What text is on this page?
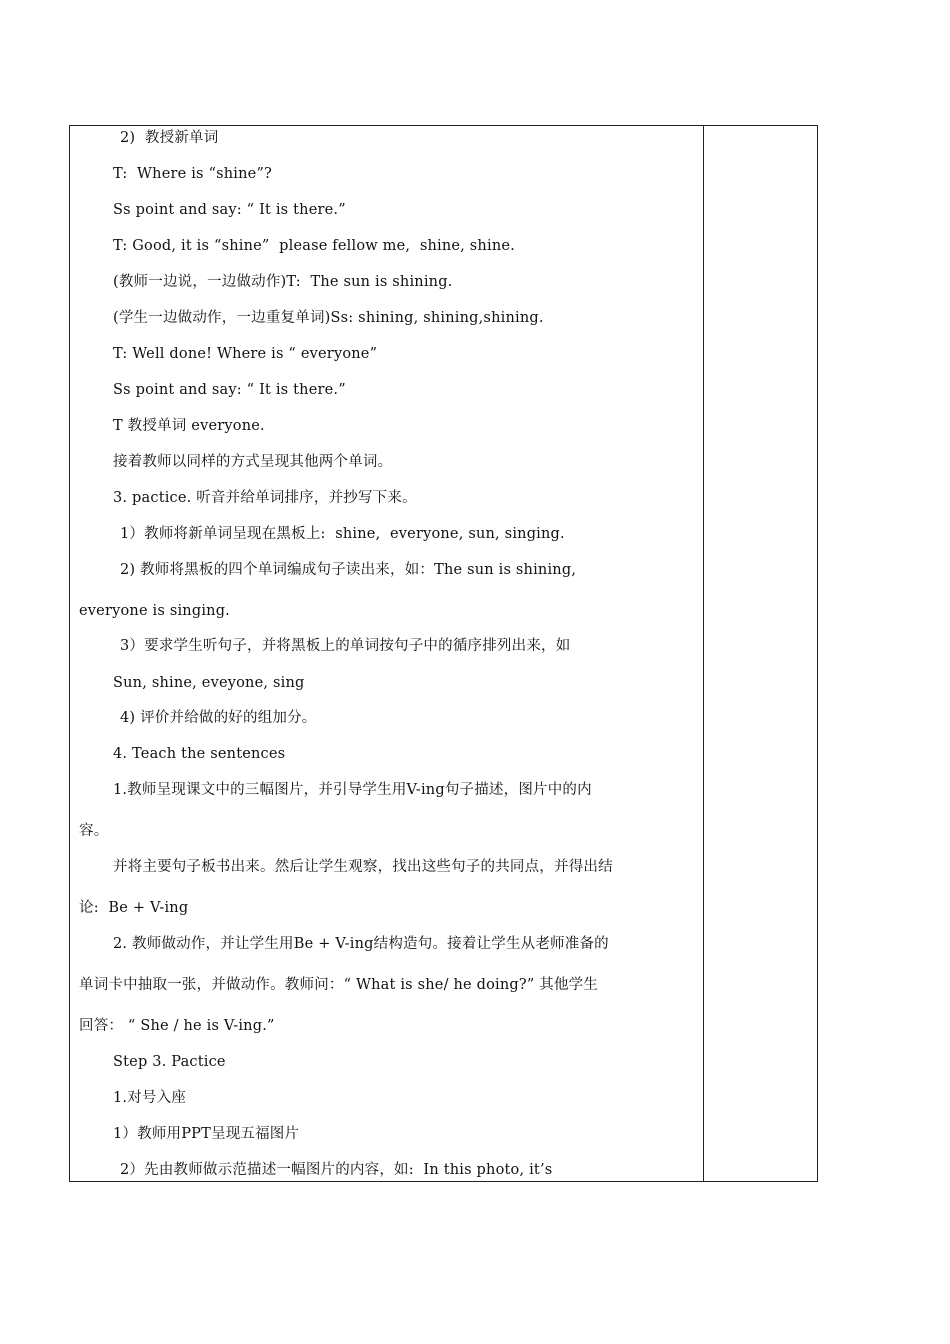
2)  教授新单词
T:  Where is “shine”?
Ss point and say: “ It is there.”
T: Good, it is “shine”  please fellow me,  shine, shine.
(教师一边说，一边做动作)T:  The sun is shining.
(学生一边做动作，一边重复单词)Ss: shining, shining,shining.
T: Well done! Where is “ everyone”
Ss point and say: “ It is there.”
T 教授单词 everyone.
接着教师以同样的方式呈现其他两个单词。
3. pactice. 听音并给单词排序，并抄写下来。
1）教师将新单词呈现在黑板上:  shine,  everyone, sun, singing.
2) 教师将黑板的四个单词编成句子读出来，如：The sun is shining,
everyone is singing.
3）要求学生听句子，并将黑板上的单词按句子中的循序排列出来，如
Sun, shine, eveyone, sing
4) 评价并给做的好的组加分。
4. Teach the sentences
1.教师呈现课文中的三幅图片，并引导学生用V-ing句子描述，图片中的内
容。
并将主要句子板书出来。然后让学生观察，找出这些句子的共同点，并得出结
论:  Be + V-ing
2. 教师做动作，并让学生用Be + V-ing结构造句。接着让学生从老师准备的
单词卡中抽取一张，并做动作。教师问：“ What is she/ he doing?” 其他学生
回答： “ She / he is V-ing.”
Step 3. Pactice
1.对号入座
1）教师用PPT呈现五福图片
2）先由教师做示范描述一幅图片的内容，如:  In this photo, it’s
